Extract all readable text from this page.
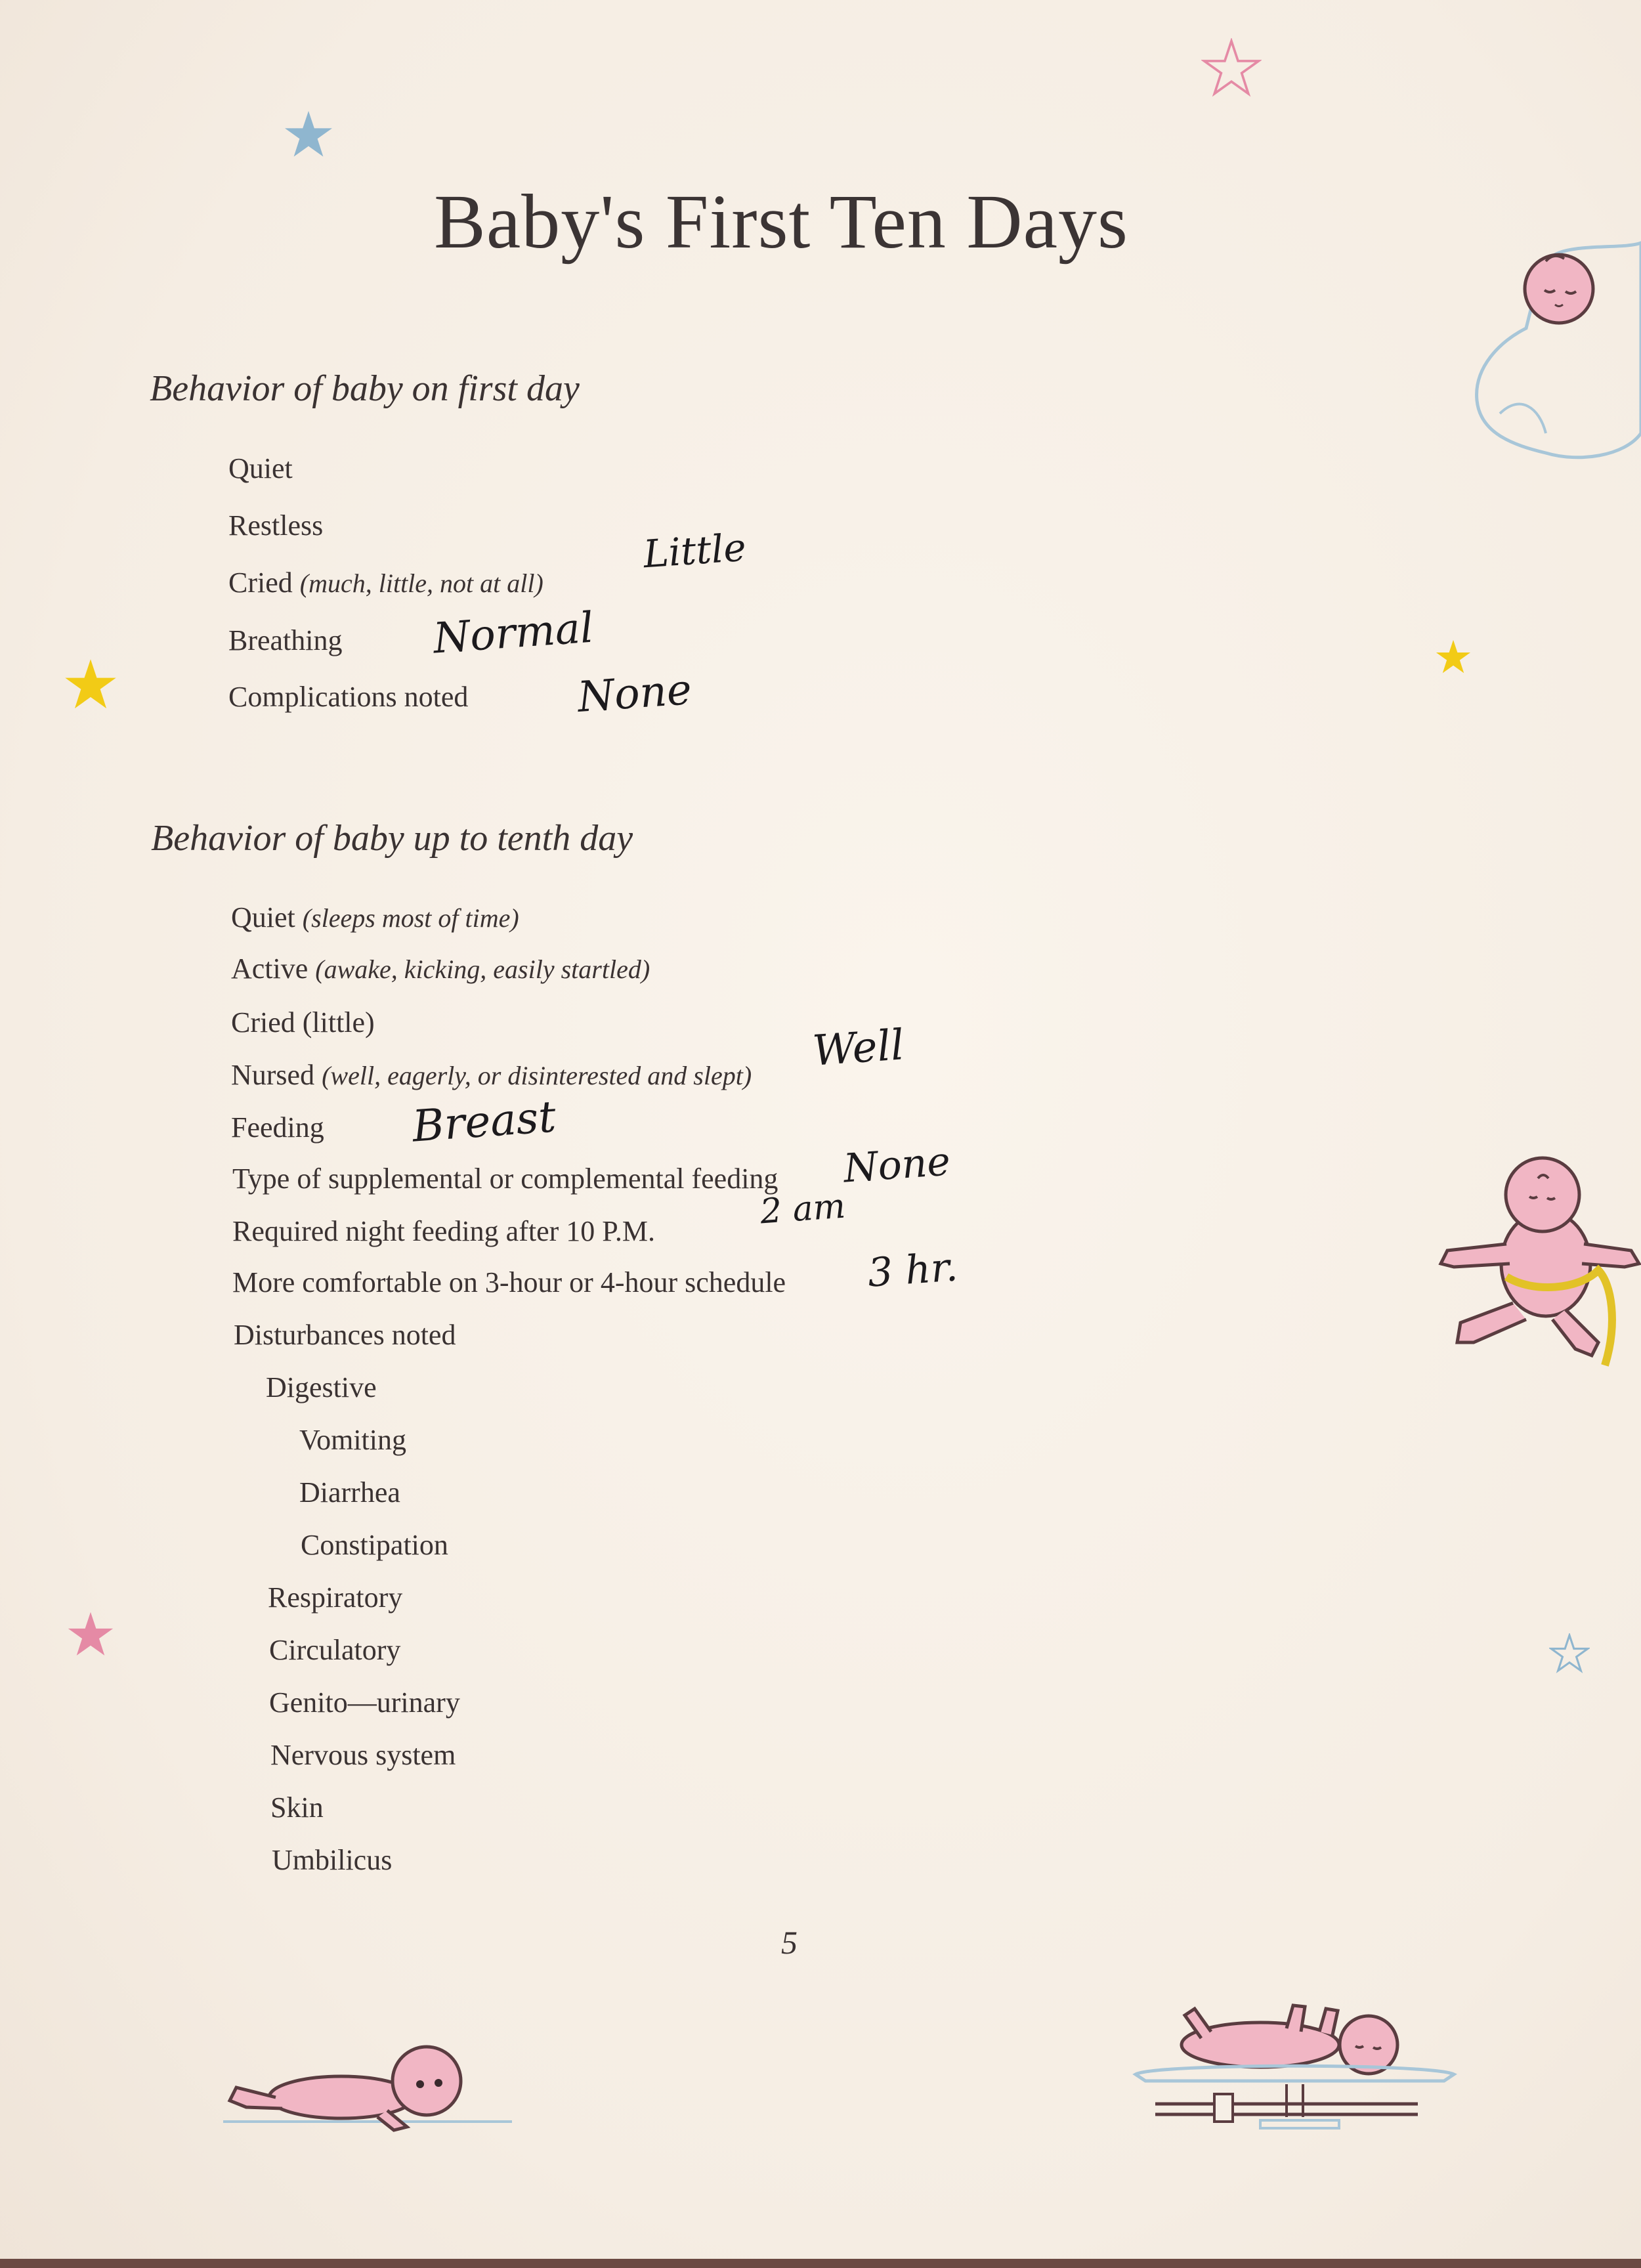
Baby's First Ten Days
Behavior of baby on first day
Quiet
Restless
Cried (much, little, not at all)
Little
Breathing Normal
Complications noted	None
Behavior of baby up to tenth day
Quiet (sleeps most of time)
Active (awake, kicking, easily startled)
Cried (little)
Nursed (well, eagerly, or disinterested and slept) Well
Feeding Breast
Type of supplemental or complemental feeding None
Required night feeding after 10 P.M.	2 am
More comfortable on 3-hour or 4-hour schedule 3 hr.
Disturbances noted
Digestive
Vomiting
Diarrhea
Constipation
Respiratory
Circulatory
Genito—urinary
Nervous system
Skin
Umbilicus
5
